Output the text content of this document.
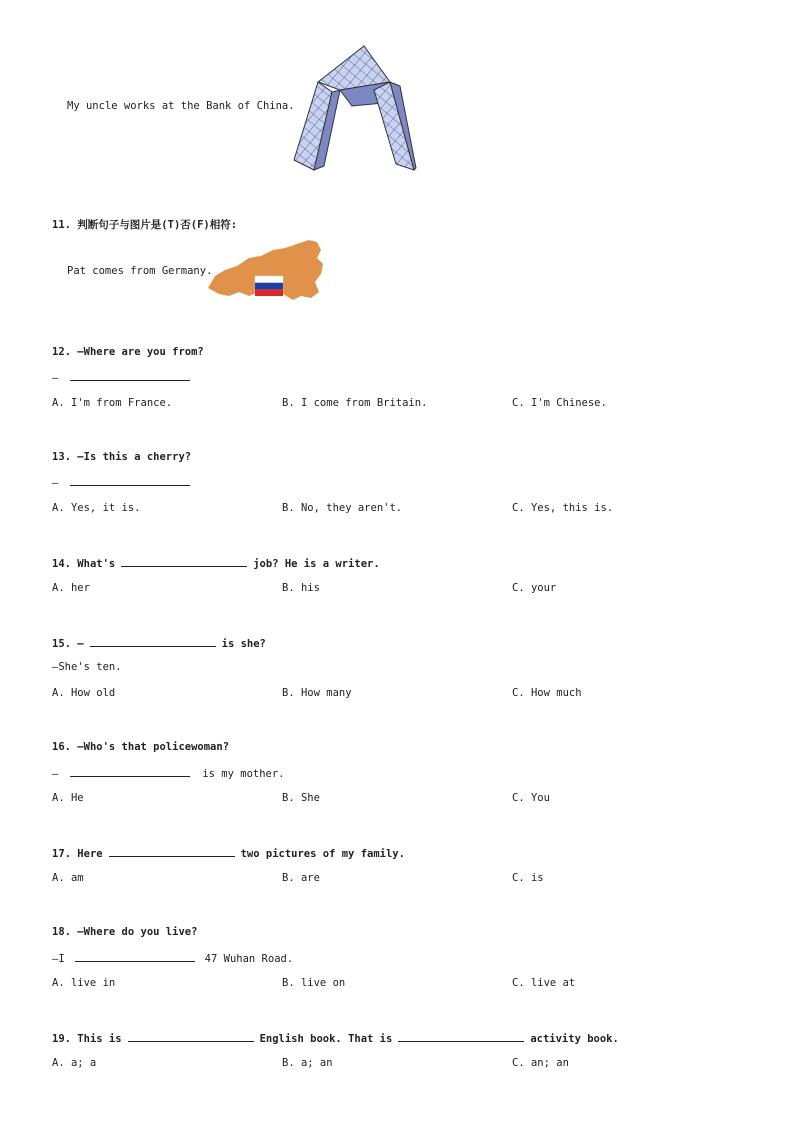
My uncle works at the Bank of China.
11. 判断句子与图片是(T)否(F)相符:
Pat comes from Germany.
12. —Where are you from?
—
A. I'm from France.	B. I come from Britain.	C. I'm Chinese.
13. —Is this a cherry?
—
A. Yes, it is.	B. No, they aren't.	C. Yes, this is.
14. What's	job? He is a writer.
A. her	B. his	C. your
15. —	is she?
—She's ten.
A. How old	B. How many	C. How much
16. —Who's that policewoman?
—	is my mother.
A. He	B. She	C. You
17. Here	two pictures of my family.
A. am	B. are	C. is
18. —Where do you live?
—I	47 Wuhan Road.
A. live in	B. live on	C. live at
19. This is	English book. That is	activity book.
A. a; a	B. a; an	C. an; an
